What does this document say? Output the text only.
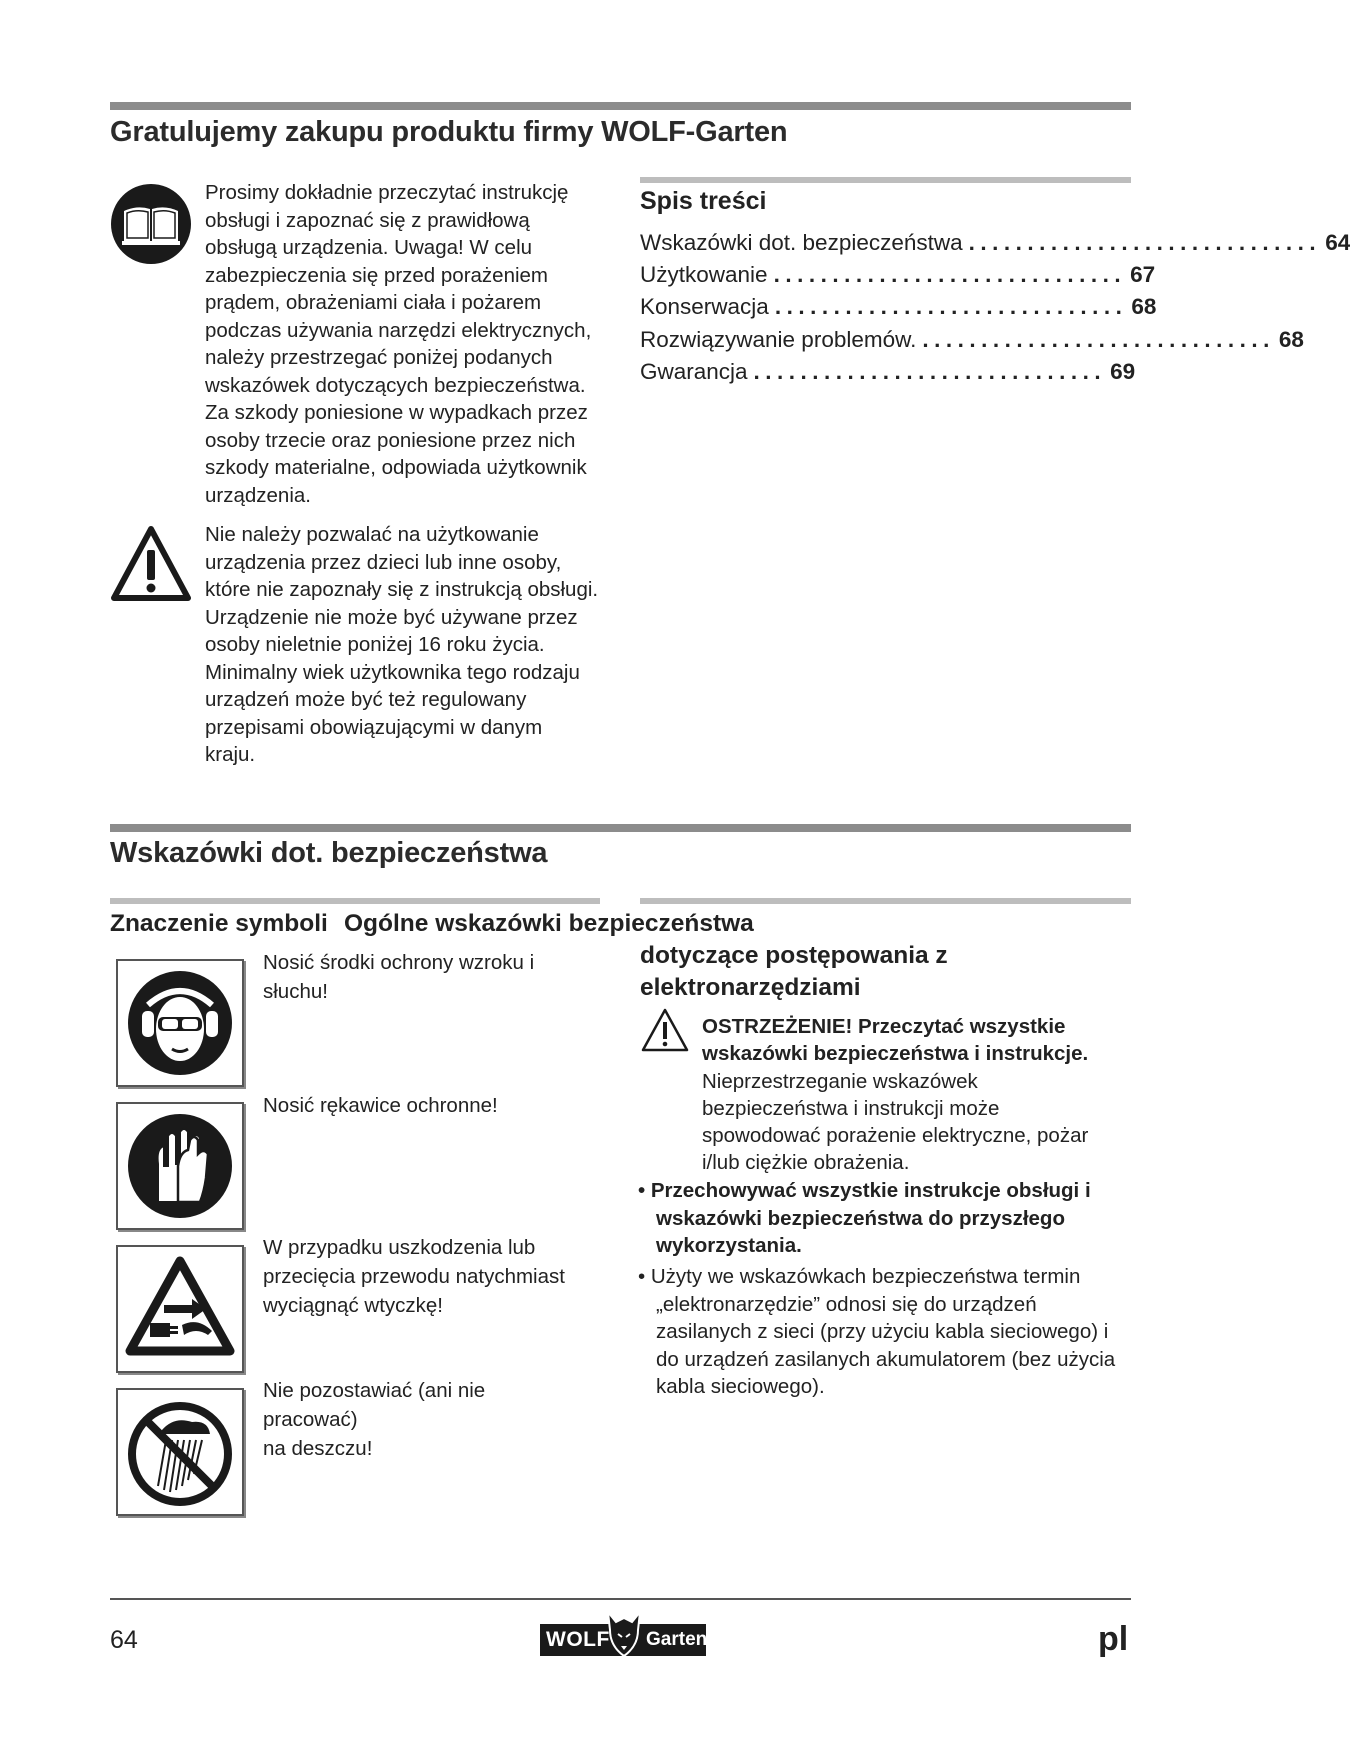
Gratulujemy zakupu produktu firmy WOLF-Garten
Prosimy dokładnie przeczytać instrukcję
obsługi i zapoznać się z prawidłową
obsługą urządzenia. Uwaga! W celu
zabezpieczenia się przed porażeniem
prądem, obrażeniami ciała i pożarem
podczas używania narzędzi elektrycznych,
należy przestrzegać poniżej podanych
wskazówek dotyczących bezpieczeństwa.
Za szkody poniesione w wypadkach przez
osoby trzecie oraz poniesione przez nich
szkody materialne, odpowiada użytkownik
urządzenia.
Nie należy pozwalać na użytkowanie
urządzenia przez dzieci lub inne osoby,
które nie zapoznały się z instrukcją obsługi.
Urządzenie nie może być używane przez
osoby nieletnie poniżej 16 roku życia.
Minimalny wiek użytkownika tego rodzaju
urządzeń może być też regulowany
przepisami obowiązującymi w danym
kraju.
Spis treści
Wskazówki dot. bezpieczeństwa .............................. 64
Użytkowanie .............................. 67
Konserwacja .............................. 68
Rozwiązywanie problemów. .............................. 68
Gwarancja .............................. 69
Wskazówki dot. bezpieczeństwa
Znaczenie symboli Ogólne wskazówki bezpieczeństwa
dotyczące postępowania z
elektronarzędziami
Nosić środki ochrony wzroku i
słuchu!
Nosić rękawice ochronne!
W przypadku uszkodzenia lub
przecięcia przewodu natychmiast
wyciągnąć wtyczkę!
Nie pozostawiać (ani nie pracować)
na deszczu!
OSTRZEŻENIE! Przeczytać wszystkie
wskazówki bezpieczeństwa i instrukcje.
Nieprzestrzeganie wskazówek
bezpieczeństwa i instrukcji może
spowodować porażenie elektryczne, pożar
i/lub ciężkie obrażenia.
• Przechowywać wszystkie instrukcje obsługi i
wskazówki bezpieczeństwa do przyszłego
wykorzystania.
• Użyty we wskazówkach bezpieczeństwa termin
„elektronarzędzie” odnosi się do urządzeń
zasilanych z sieci (przy użyciu kabla sieciowego) i
do urządzeń zasilanych akumulatorem (bez użycia
kabla sieciowego).
64	WOLF Garten	pl
